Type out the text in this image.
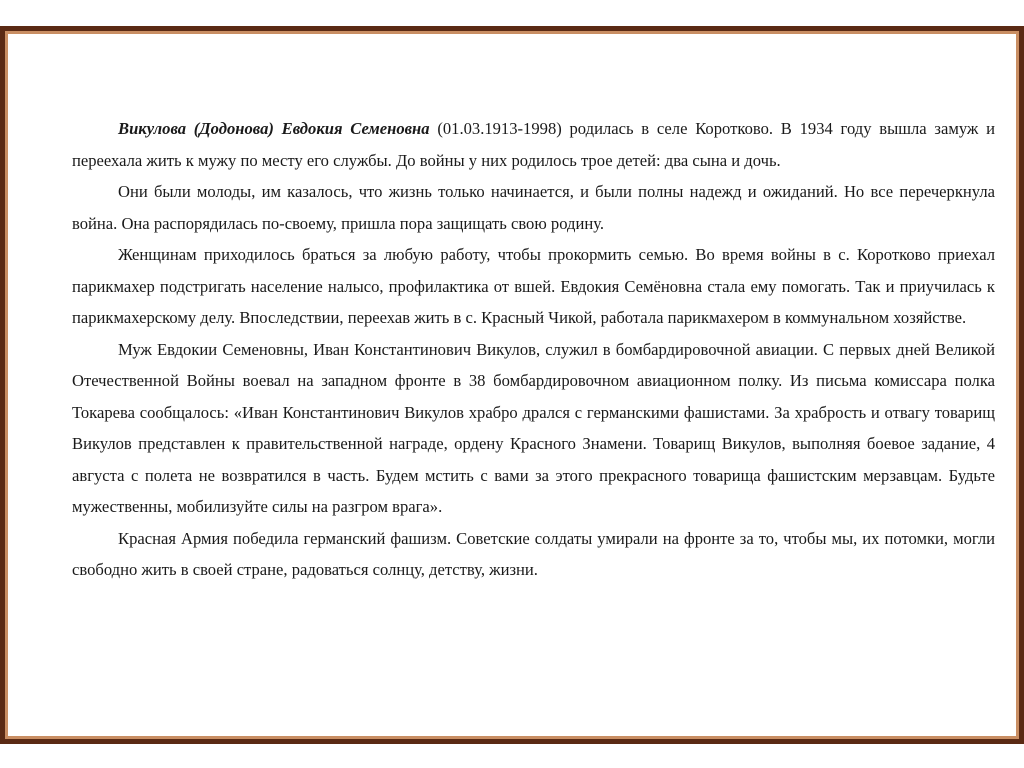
Викулова (Додонова) Евдокия Семеновна (01.03.1913-1998) родилась в селе Коротково. В 1934 году вышла замуж и переехала жить к мужу по месту его службы. До войны у них родилось трое детей: два сына и дочь.

Они были молоды, им казалось, что жизнь только начинается, и были полны надежд и ожиданий. Но все перечеркнула война. Она распорядилась по-своему, пришла пора защищать свою родину.

Женщинам приходилось браться за любую работу, чтобы прокормить семью. Во время войны в с. Коротково приехал парикмахер подстригать население налысо, профилактика от вшей. Евдокия Семёновна стала ему помогать. Так и приучилась к парикмахерскому делу. Впоследствии, переехав жить в с. Красный Чикой, работала парикмахером в коммунальном хозяйстве.

Муж Евдокии Семеновны, Иван Константинович Викулов, служил в бомбардировочной авиации. С первых дней Великой Отечественной Войны воевал на западном фронте в 38 бомбардировочном авиационном полку. Из письма комиссара полка Токарева сообщалось: «Иван Константинович Викулов храбро дрался с германскими фашистами. За храбрость и отвагу товарищ Викулов представлен к правительственной награде, ордену Красного Знамени. Товарищ Викулов, выполняя боевое задание, 4 августа с полета не возвратился в часть. Будем мстить с вами за этого прекрасного товарища фашистским мерзавцам. Будьте мужественны, мобилизуйте силы на разгром врага».

Красная Армия победила германский фашизм. Советские солдаты умирали на фронте за то, чтобы мы, их потомки, могли свободно жить в своей стране, радоваться солнцу, детству, жизни.
